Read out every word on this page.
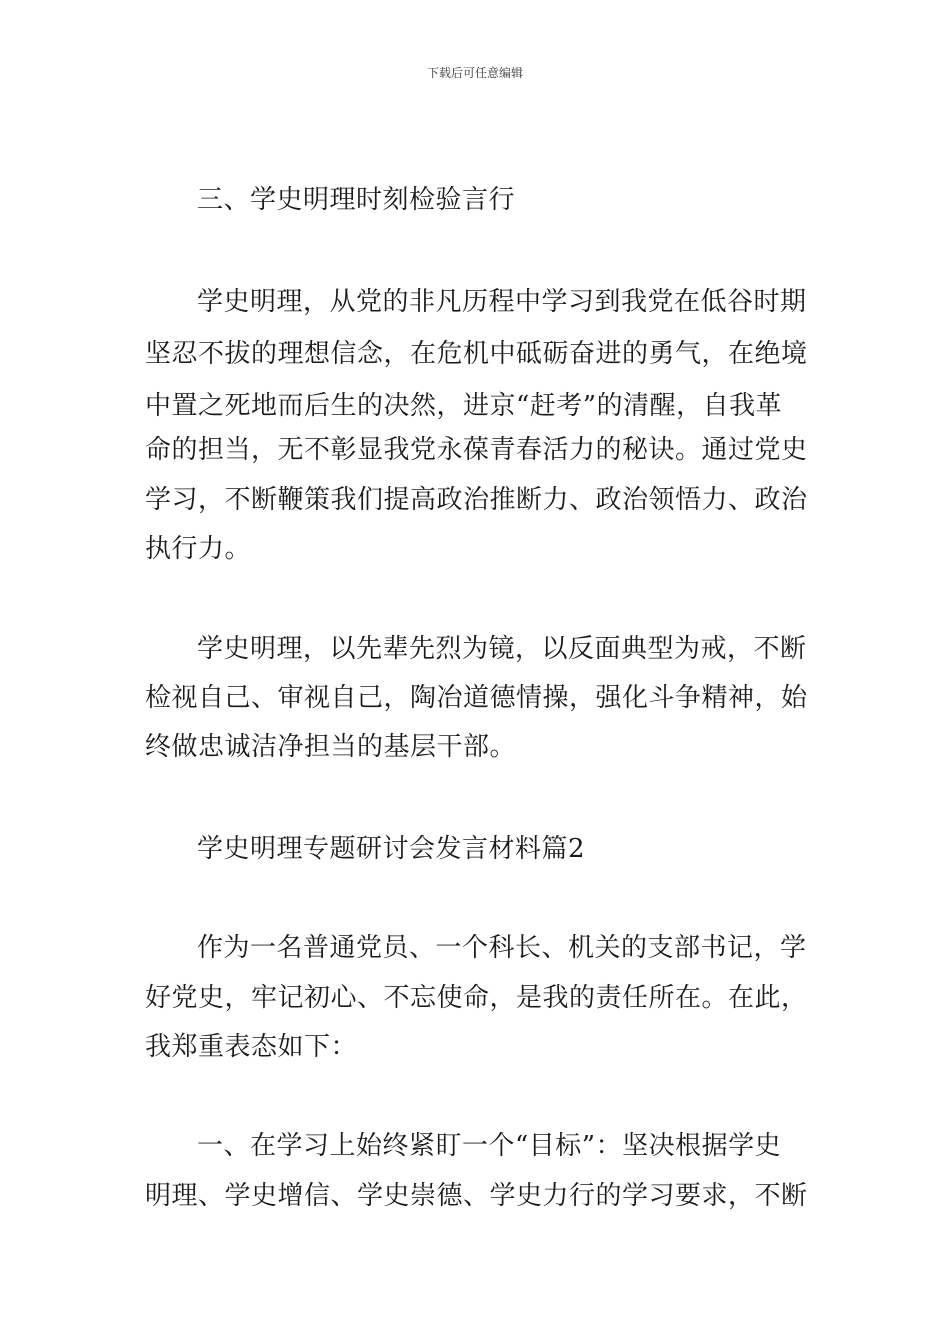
下载后可任意编辑
三、学史明理时刻检验言行
学史明理，从党的非凡历程中学习到我党在低谷时期
坚忍不拔的理想信念，在危机中砥砺奋进的勇气，在绝境
中置之死地而后生的决然，进京“赶考”的清醒，自我革
命的担当，无不彰显我党永葆青春活力的秘诀。通过党史
学习，不断鞭策我们提高政治推断力、政治领悟力、政治
执行力。
学史明理，以先辈先烈为镜，以反面典型为戒，不断
检视自己、审视自己，陶冶道德情操，强化斗争精神，始
终做忠诚洁净担当的基层干部。
学史明理专题研讨会发言材料篇2
作为一名普通党员、一个科长、机关的支部书记，学
好党史，牢记初心、不忘使命，是我的责任所在。在此，
我郑重表态如下：
一、在学习上始终紧盯一个“目标”：坚决根据学史
明理、学史增信、学史崇德、学史力行的学习要求，不断
